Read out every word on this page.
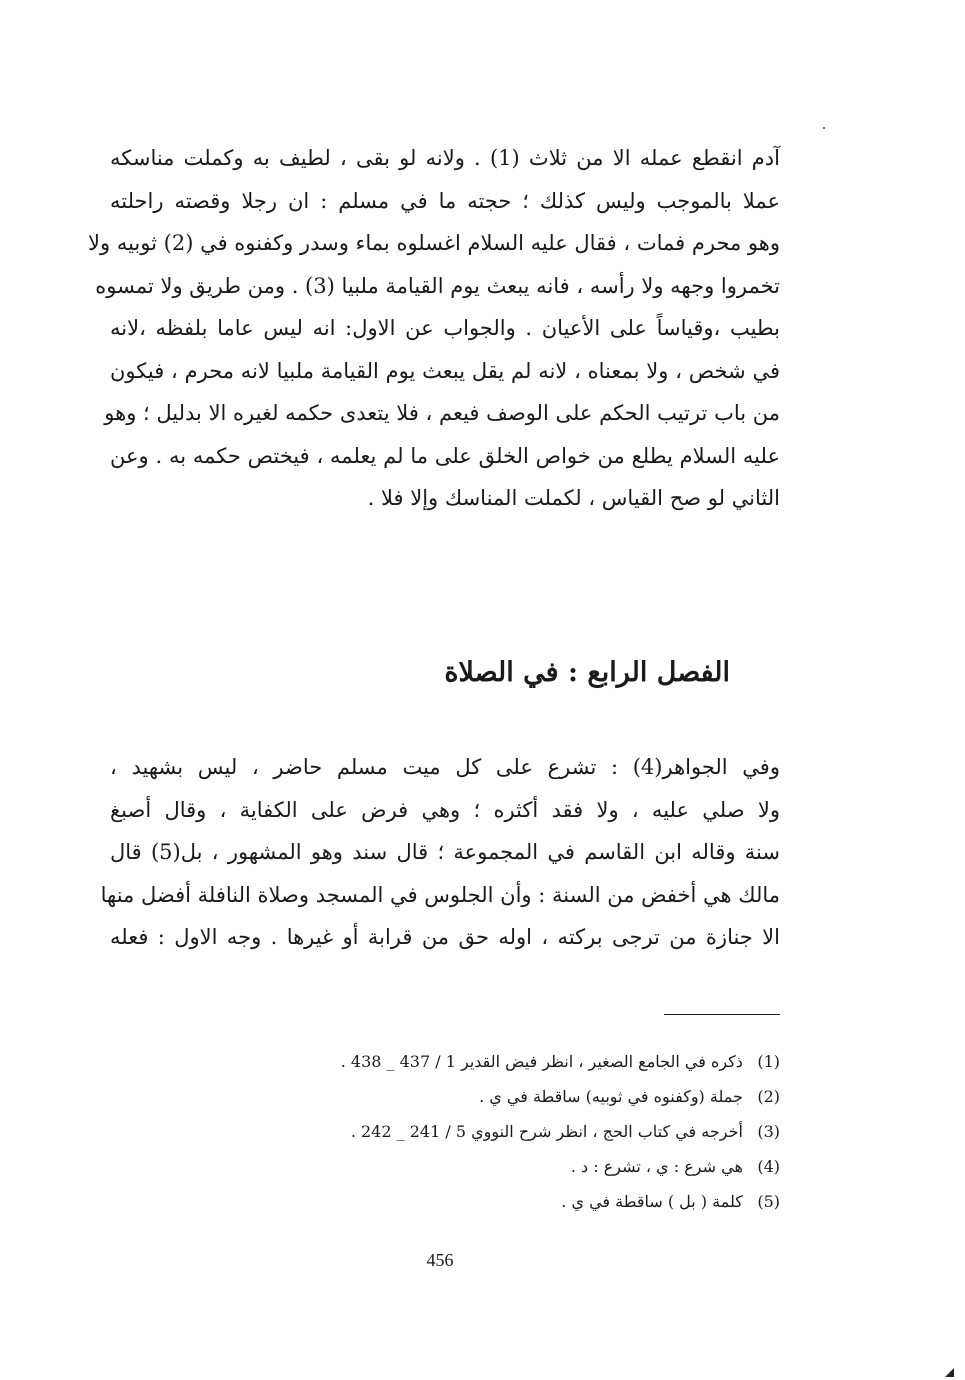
آدم انقطع عمله الا من ثلاث (1) . ولانه لو بقى ، لطيف به وكملت مناسكه
عملا بالموجب وليس كذلك ؛ حجته ما في مسلم : ان رجلا وقصته راحلته
وهو محرم فمات ، فقال عليه السلام اغسلوه بماء وسدر وكفنوه في (2) ثوبيه ولا
تخمروا وجهه ولا رأسه ، فانه يبعث يوم القيامة ملبيا (3) . ومن طريق ولا تمسوه
بطيب ،وقياساً على الأعيان . والجواب عن الاول: انه ليس عاما بلفظه ،لانه
في شخص ، ولا بمعناه ، لانه لم يقل يبعث يوم القيامة ملبيا لانه محرم ، فيكون
من باب ترتيب الحكم على الوصف فيعم ، فلا يتعدى حكمه لغيره الا بدليل ؛ وهو
عليه السلام يطلع من خواص الخلق على ما لم يعلمه ، فيختص حكمه به . وعن
الثاني لو صح القياس ، لكملت المناسك وإلا فلا .
الفصل الرابع : في الصلاة
وفي الجواهر(4) : تشرع على كل ميت مسلم حاضر ، ليس بشهيد ،
ولا صلي عليه ، ولا فقد أكثره ؛ وهي فرض على الكفاية ، وقال أصبغ
سنة وقاله ابن القاسم في المجموعة ؛ قال سند وهو المشهور ، بل(5) قال
مالك هي أخفض من السنة : وأن الجلوس في المسجد وصلاة النافلة أفضل منها
الا جنازة من ترجى بركته ، اوله حق من قرابة أو غيرها . وجه الاول : فعله
(1) ذكره في الجامع الصغير ، انظر فيض القدير 1 / 437 _ 438 .
(2) جملة (وكفنوه في ثوبيه) ساقطة في ي .
(3) أخرجه في كتاب الحج ، انظر شرح النووي 5 / 241 _ 242 .
(4) هي شرع : ي ، تشرع : د .
(5) كلمة ( بل ) ساقطة في ي .
456
